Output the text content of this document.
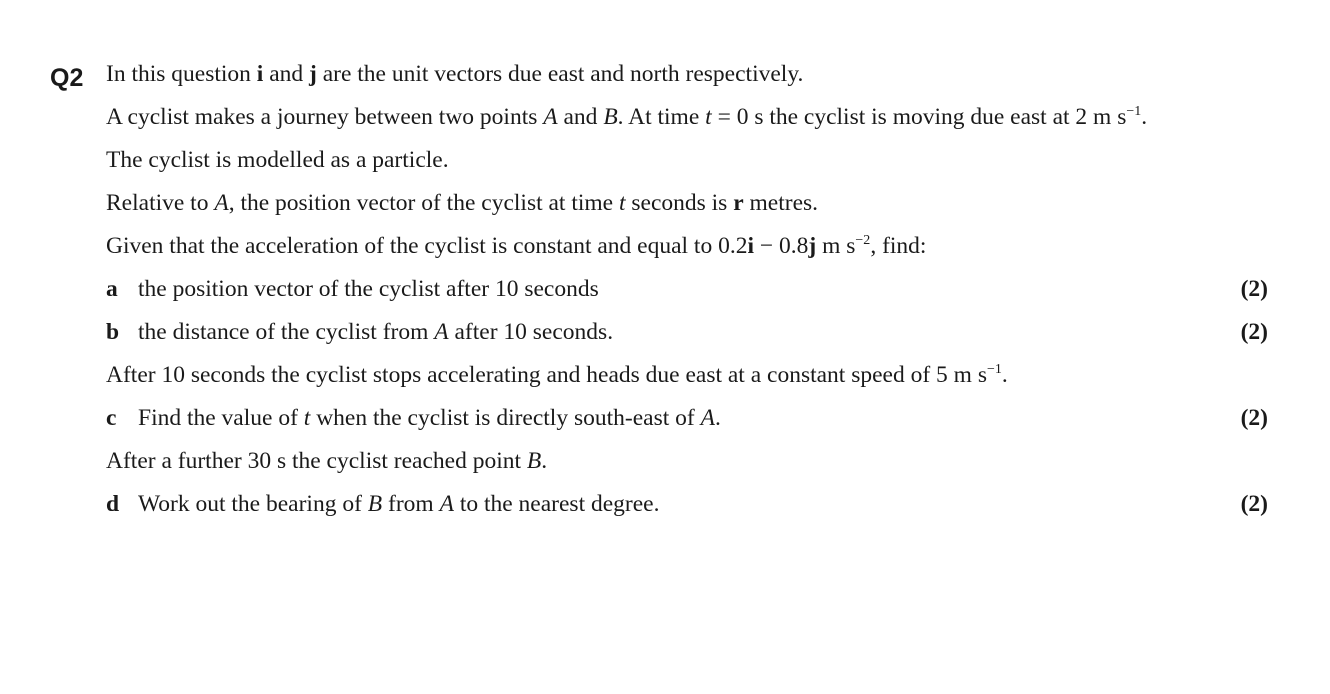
Q2 In this question i and j are the unit vectors due east and north respectively.

A cyclist makes a journey between two points A and B. At time t = 0 s the cyclist is moving due east at 2 m $s^{-1}$.

The cyclist is modelled as a particle.

Relative to A, the position vector of the cyclist at time t seconds is r metres.

Given that the acceleration of the cyclist is constant and equal to 0.2i − 0.8j m $s^{-2}$, find:

a the position vector of the cyclist after 10 seconds	(2)
b the distance of the cyclist from A after 10 seconds.	(2)

After 10 seconds the cyclist stops accelerating and heads due east at a constant speed of 5 m $s^{-1}$.

c Find the value of t when the cyclist is directly south-east of A.	(2)

After a further 30 s the cyclist reached point B.

d Work out the bearing of B from A to the nearest degree.	(2)
